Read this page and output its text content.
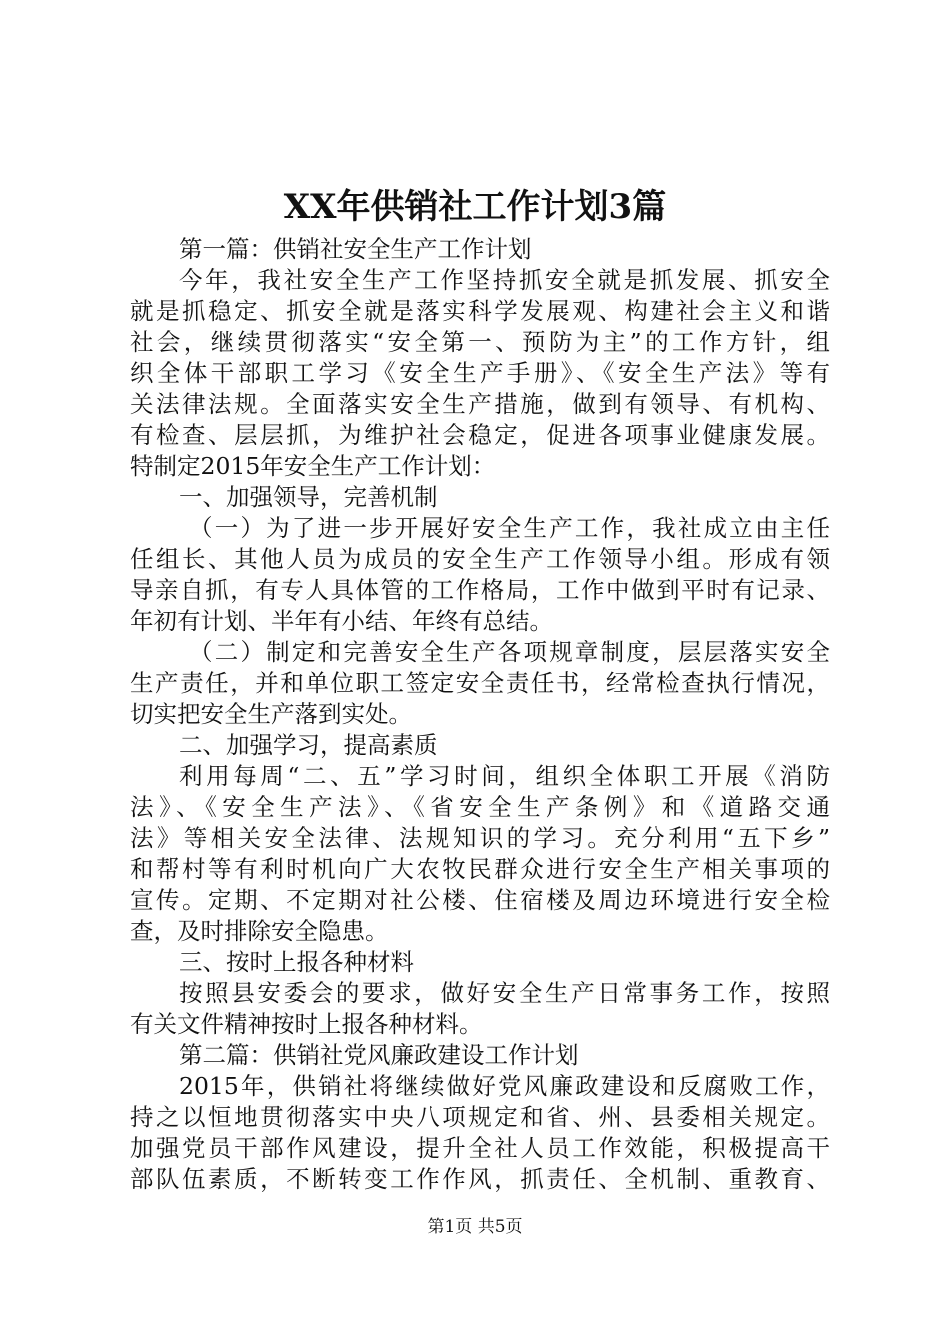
XX年供销社工作计划3篇
第一篇：供销社安全生产工作计划
今年，我社安全生产工作坚持抓安全就是抓发展、抓安全
就是抓稳定、抓安全就是落实科学发展观、构建社会主义和谐
社会，继续贯彻落实“安全第一、预防为主”的工作方针，组
织全体干部职工学习《安全生产手册》、《安全生产法》等有
关法律法规。全面落实安全生产措施，做到有领导、有机构、
有检查、层层抓，为维护社会稳定，促进各项事业健康发展。
特制定2015年安全生产工作计划：
一、加强领导，完善机制
（一）为了进一步开展好安全生产工作，我社成立由主任
任组长、其他人员为成员的安全生产工作领导小组。形成有领
导亲自抓，有专人具体管的工作格局，工作中做到平时有记录、
年初有计划、半年有小结、年终有总结。
（二）制定和完善安全生产各项规章制度，层层落实安全
生产责任，并和单位职工签定安全责任书，经常检查执行情况，
切实把安全生产落到实处。
二、加强学习，提高素质
利用每周“二、五”学习时间，组织全体职工开展《消防
法》、《安全生产法》、《省安全生产条例》和《道路交通
法》等相关安全法律、法规知识的学习。充分利用“五下乡”
和帮村等有利时机向广大农牧民群众进行安全生产相关事项的
宣传。定期、不定期对社公楼、住宿楼及周边环境进行安全检
查，及时排除安全隐患。
三、按时上报各种材料
按照县安委会的要求，做好安全生产日常事务工作，按照
有关文件精神按时上报各种材料。
第二篇：供销社党风廉政建设工作计划
2015年，供销社将继续做好党风廉政建设和反腐败工作，
持之以恒地贯彻落实中央八项规定和省、州、县委相关规定。
加强党员干部作风建设，提升全社人员工作效能，积极提高干
部队伍素质，不断转变工作作风，抓责任、全机制、重教育、
第1页 共5页
